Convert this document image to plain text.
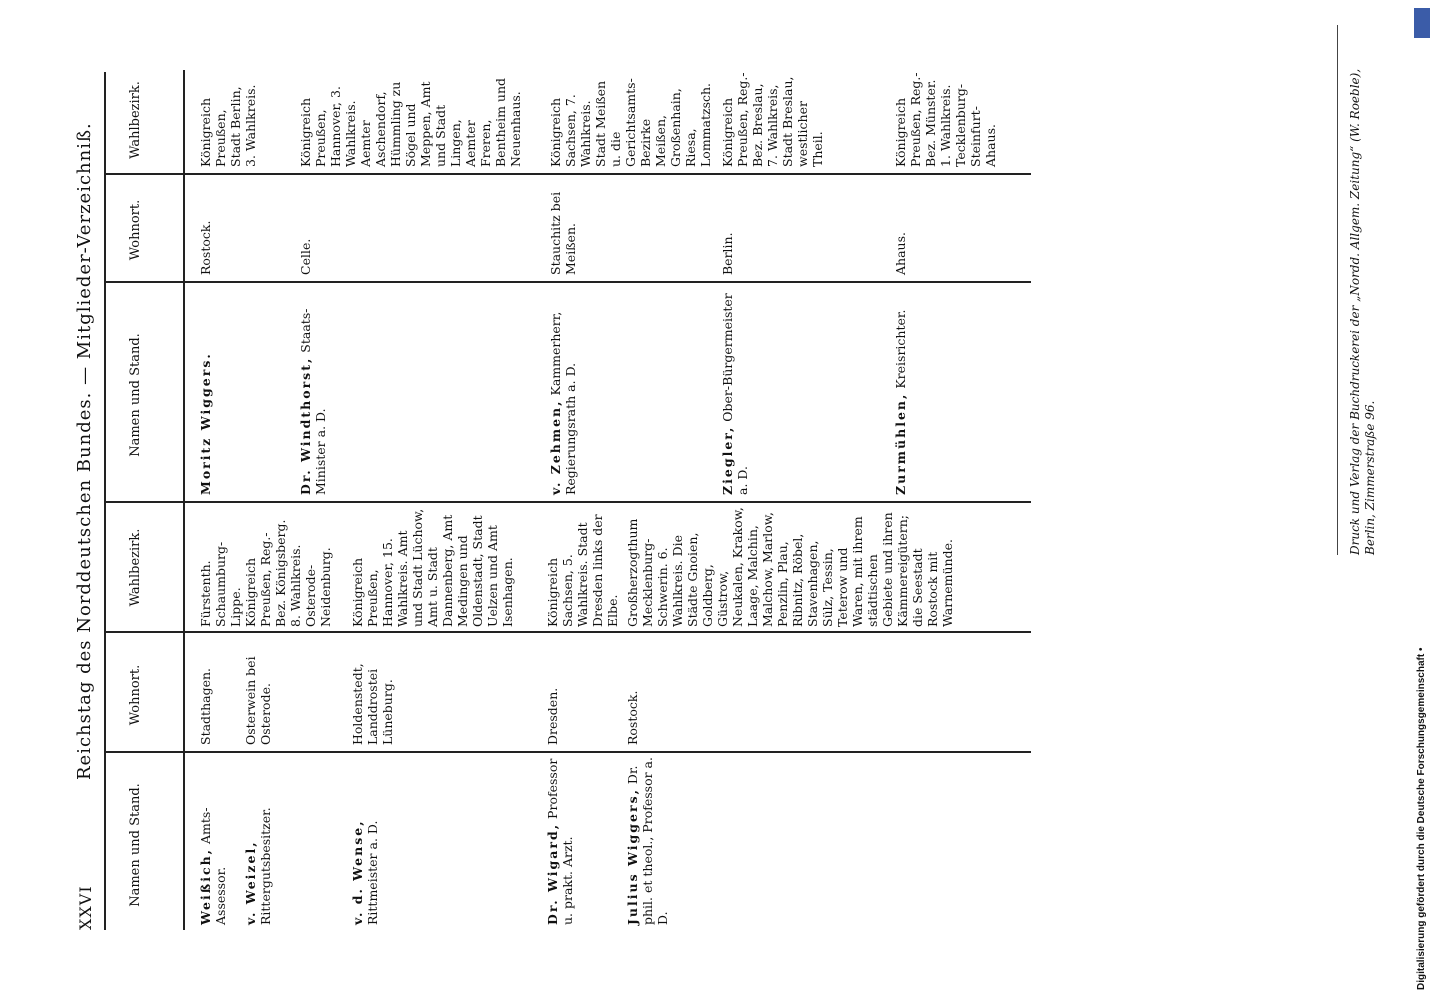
XXVI
Reichstag des Norddeutschen Bundes. — Mitglieder-Verzeichniß.
Namen und Stand.
Wohnort.
Wahlbezirk.
Namen und Stand.
Wohnort.
Wahlbezirk.
Weißich, Amts-Assessor.
Stadthagen.
Fürstenth. Schaumburg-Lippe.
v. Weizel, Rittergutsbesitzer.
Osterwein bei Osterode.
Königreich Preußen, Reg.-Bez. Königsberg. 8. Wahlkreis. Osterode-Neidenburg.
v. d. Wense, Rittmeister a. D.
Holdenstedt, Landdrostei Lüneburg.
Königreich Preußen, Hannover, 15. Wahlkreis. Amt und Stadt Lüchow, Amt u. Stadt Dannenberg, Amt Medingen und Oldenstadt, Stadt Uelzen und Amt Isenhagen.
Dr. Wigard, Professor u. prakt. Arzt.
Dresden.
Königreich Sachsen, 5. Wahlkreis. Stadt Dresden links der Elbe.
Julius Wiggers, Dr. phil. et theol., Professor a. D.
Rostock.
Großherzogthum Mecklenburg-Schwerin. 6. Wahlkreis. Die Städte Gnoien, Goldberg, Güstrow, Neukalen, Krakow, Laage, Malchin, Malchow, Marlow, Penzlin, Plau, Ribnitz, Röbel, Stavenhagen, Sülz, Tessin, Teterow und Waren, mit ihrem städtischen Gebiete und ihren Kämmereigütern; die Seestadt Rostock mit Warnemünde.
Moritz Wiggers.
Rostock.
Königreich Preußen, Stadt Berlin, 3. Wahlkreis.
Dr. Windthorst, Staats-Minister a. D.
Celle.
Königreich Preußen, Hannover, 3. Wahlkreis. Aemter Aschendorf, Hümmling zu Sögel und Meppen, Amt und Stadt Lingen, Aemter Freren, Bentheim und Neuenhaus.
v. Zehmen, Kammerherr, Regierungsrath a. D.
Stauchitz bei Meißen.
Königreich Sachsen, 7. Wahlkreis. Stadt Meißen u. die Gerichtsamts-Bezirke Meißen, Großenhain, Riesa, Lommatzsch.
Ziegler, Ober-Bürgermeister a. D.
Berlin.
Königreich Preußen, Reg.-Bez. Breslau, 7. Wahlkreis, Stadt Breslau, westlicher Theil.
Zurmühlen, Kreisrichter.
Ahaus.
Königreich Preußen, Reg.-Bez. Münster. 1. Wahlkreis. Tecklenburg-Steinfurt-Ahaus.	Druck und Verlag der Buchdruckerei der „Nordd. Allgem. Zeitung“ (W. Roeble), Berlin, Zimmerstraße 96.
Digitalisierung gefördert durch die Deutsche Forschungsgemeinschaft •
